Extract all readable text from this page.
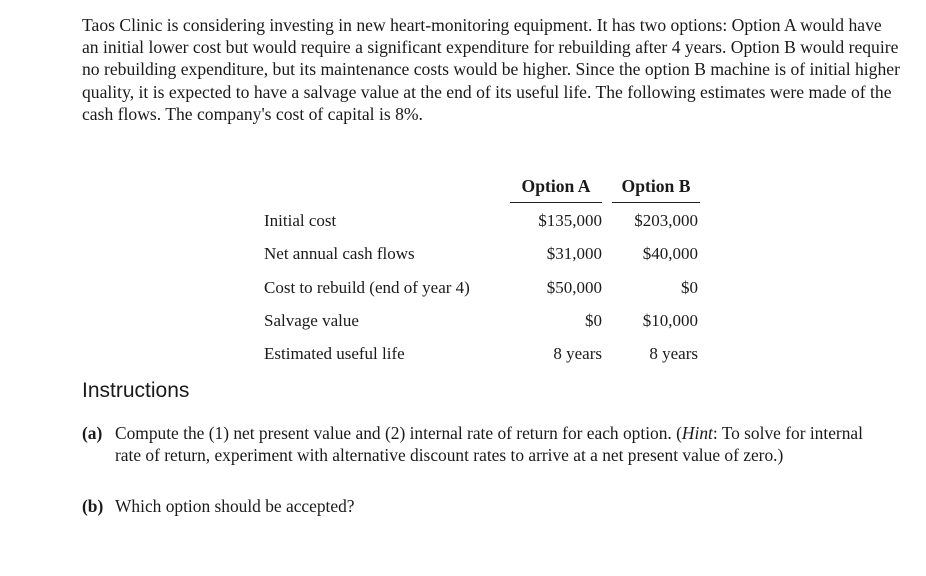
Taos Clinic is considering investing in new heart-monitoring equipment. It has two options: Option A would have an initial lower cost but would require a significant expenditure for rebuilding after 4 years. Option B would require no rebuilding expenditure, but its maintenance costs would be higher. Since the option B machine is of initial higher quality, it is expected to have a salvage value at the end of its useful life. The following estimates were made of the cash flows. The company's cost of capital is 8%.

Option A	Option B
Initial cost	$135,000 $203,000
Net annual cash flows	$31,000 $40,000
Cost to rebuild (end of year 4)	$50,000	$0
Salvage value	$0 $10,000
Estimated useful life	8 years	8 years
Instructions
(a) Compute the (1) net present value and (2) internal rate of return for each option. (Hint: To solve for internal rate of return, experiment with alternative discount rates to arrive at a net present value of zero.)
(b) Which option should be accepted?
